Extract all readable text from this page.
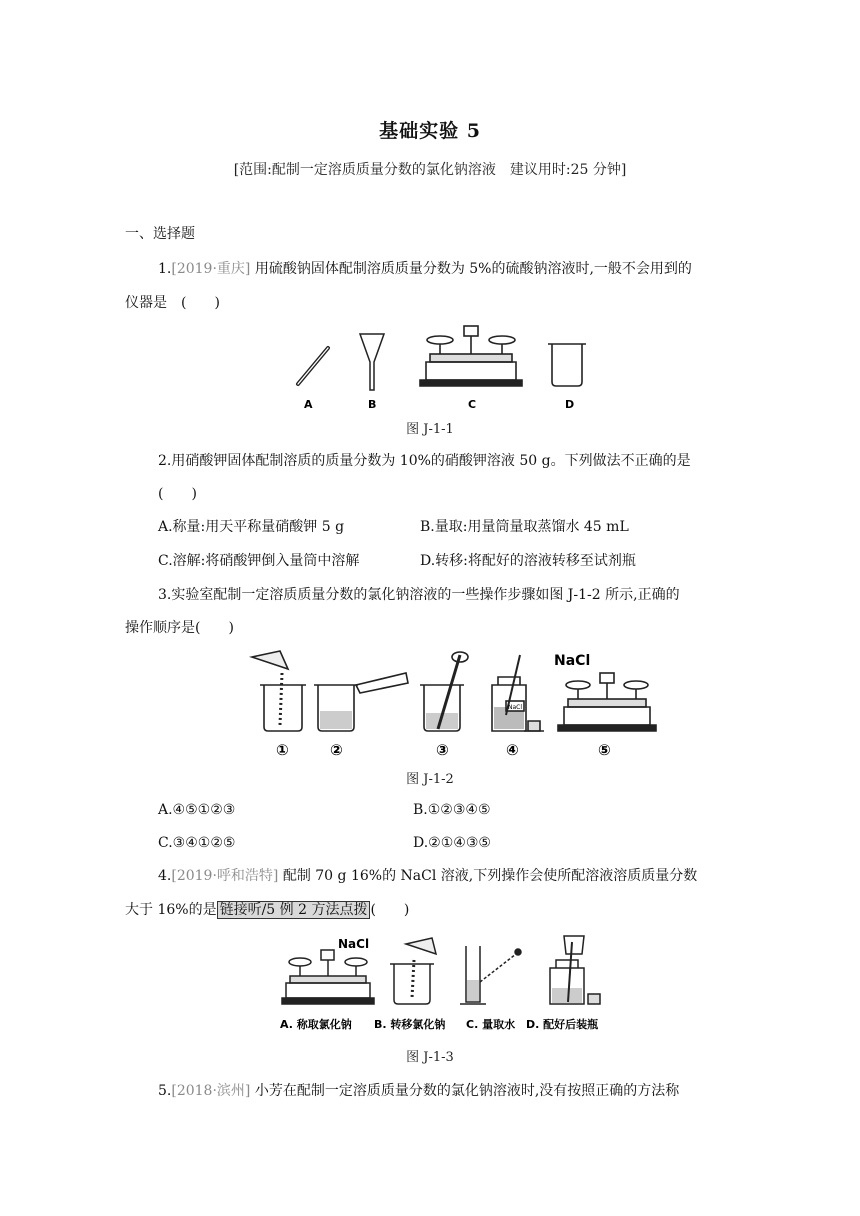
基础实验 5
[范围:配制一定溶质质量分数的氯化钠溶液　建议用时:25 分钟]
一、选择题
1.[2019·重庆] 用硫酸钠固体配制溶质质量分数为 5%的硫酸钠溶液时,一般不会用到的
仪器是　(　　)
A	B	C	D
图 J-1-1
2.用硝酸钾固体配制溶质的质量分数为 10%的硝酸钾溶液 50 g。下列做法不正确的是
(　　)
A.称量:用天平称量硝酸钾 5 g	B.量取:用量筒量取蒸馏水 45 mL
C.溶解:将硝酸钾倒入量筒中溶解	D.转移:将配好的溶液转移至试剂瓶
3.实验室配制一定溶质质量分数的氯化钠溶液的一些操作步骤如图 J-1-2 所示,正确的
操作顺序是(　　)
NaCl
NaCl
①	②	③	④	⑤
图 J-1-2
A.④⑤①②③	B.①②③④⑤
C.③④①②⑤	D.②①④③⑤
4.[2019·呼和浩特] 配制 70 g 16%的 NaCl 溶液,下列操作会使所配溶液溶质质量分数
大于 16%的是 链接听/5 例 2 方法点拨 (　　)
NaCl
A. 称取氯化钠 B. 转移氯化钠 C. 量取水 D. 配好后装瓶
图 J-1-3
5.[2018·滨州] 小芳在配制一定溶质质量分数的氯化钠溶液时,没有按照正确的方法称
